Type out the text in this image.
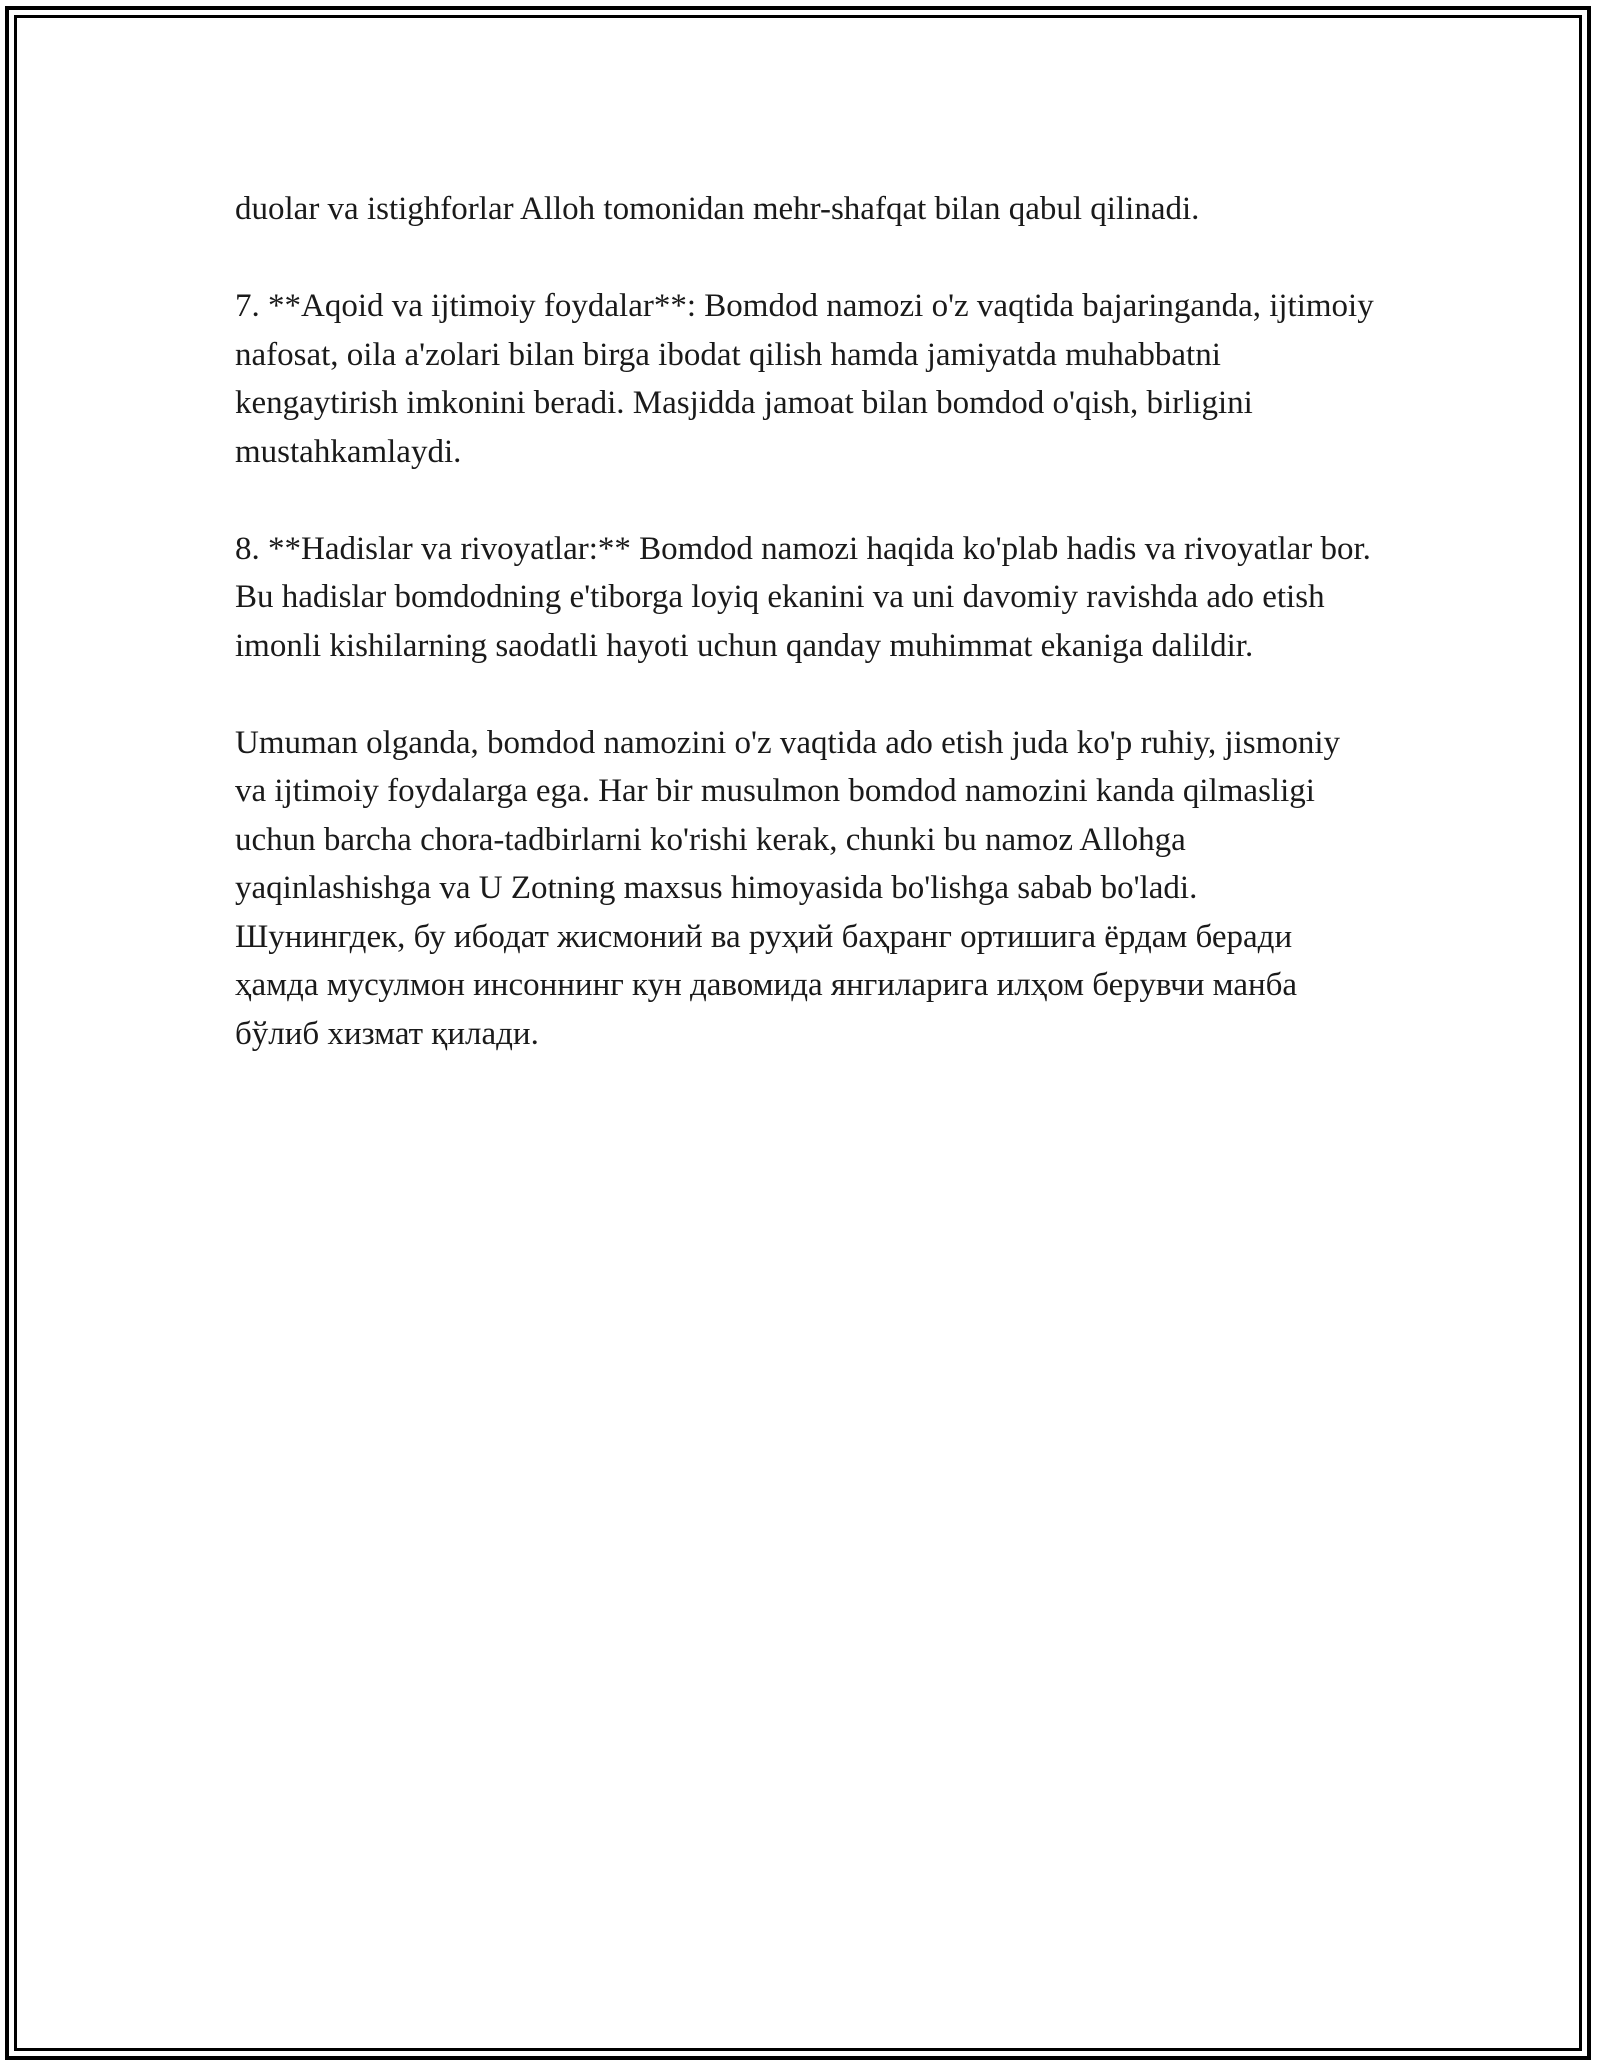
duolar va istighforlar Alloh tomonidan mehr-shafqat bilan qabul qilinadi.

7. **Aqoid va ijtimoiy foydalar**: Bomdod namozi o'z vaqtida bajaringanda, ijtimoiy nafosat, oila a'zolari bilan birga ibodat qilish hamda jamiyatda muhabbatni kengaytirish imkonini beradi. Masjidda jamoat bilan bomdod o'qish, birligini mustahkamlaydi.

8. **Hadislar va rivoyatlar:** Bomdod namozi haqida ko'plab hadis va rivoyatlar bor. Bu hadislar bomdodning e'tiborga loyiq ekanini va uni davomiy ravishda ado etish imonli kishilarning saodatli hayoti uchun qanday muhimmat ekaniga dalildir.

Umuman olganda, bomdod namozini o'z vaqtida ado etish juda ko'p ruhiy, jismoniy va ijtimoiy foydalarga ega. Har bir musulmon bomdod namozini kanda qilmasligi uchun barcha chora-tadbirlarni ko'rishi kerak, chunki bu namoz Allohga yaqinlashishga va U Zotning maxsus himoyasida bo'lishga sabab bo'ladi. Шунингдек, бу ибодат жисмоний ва руҳий баҳранг ортишига ёрдам беради ҳамда мусулмон инсоннинг кун давомида янгиларига илҳом берувчи манба бўлиб хизмат қилади.
